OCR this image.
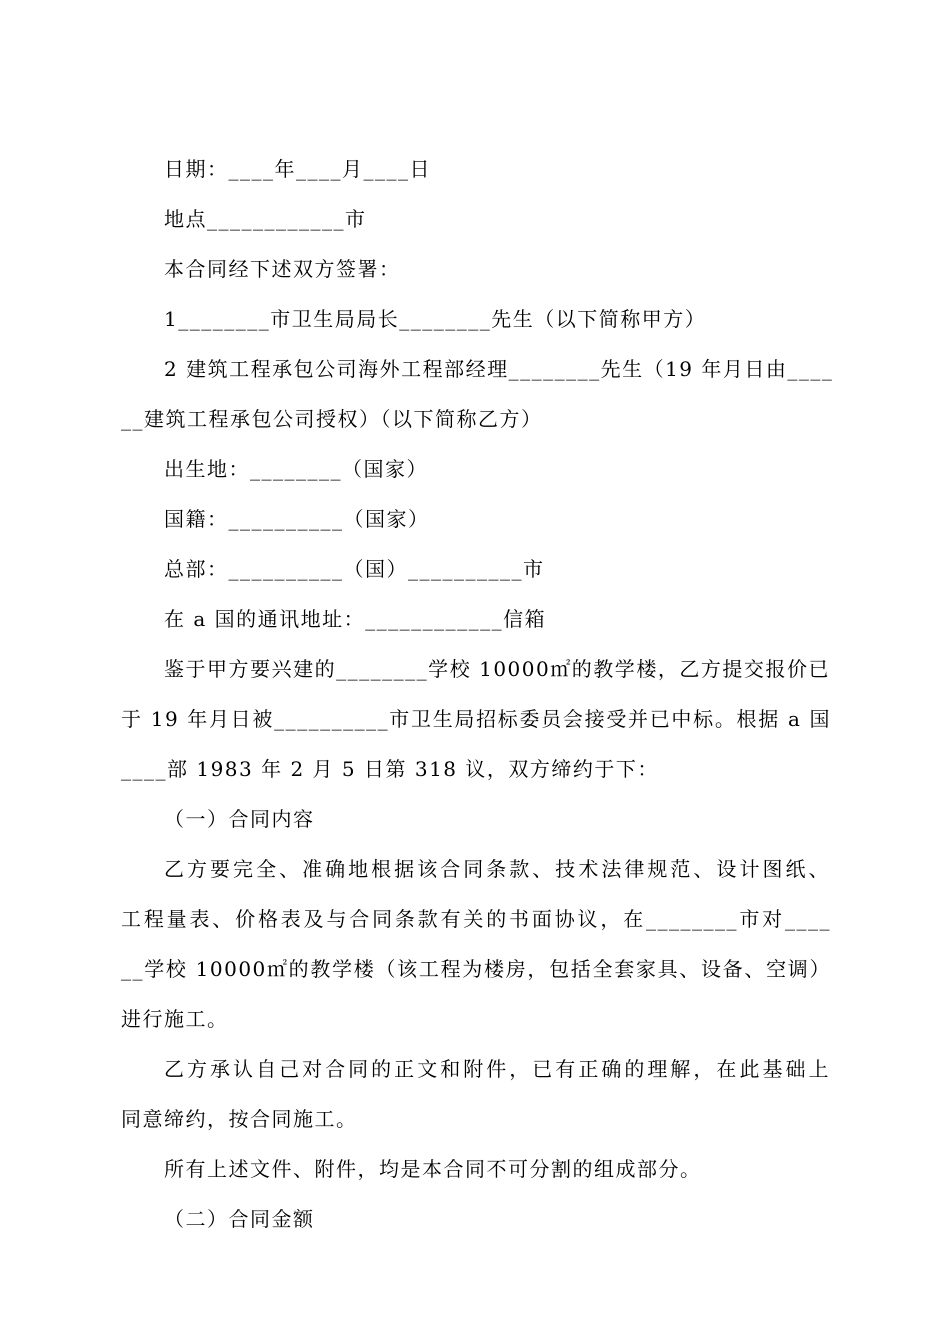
日期：____年____月____日
地点____________市
本合同经下述双方签署：
1________市卫生局局长________先生（以下简称甲方）
2 建筑工程承包公司海外工程部经理________先生（19 年月日由____
__建筑工程承包公司授权）（以下简称乙方）
出生地：________（国家）
国籍：__________（国家）
总部：__________（国）__________市
在 a 国的通讯地址：____________信箱
鉴于甲方要兴建的________学校 10000㎡的教学楼，乙方提交报价已
于 19 年月日被__________市卫生局招标委员会接受并已中标。根据 a 国
____部 1983 年 2 月 5 日第 318 议，双方缔约于下：
（一）合同内容
乙方要完全、准确地根据该合同条款、技术法律规范、设计图纸、
工程量表、价格表及与合同条款有关的书面协议，在________市对____
__学校 10000㎡的教学楼（该工程为楼房，包括全套家具、设备、空调）
进行施工。
乙方承认自己对合同的正文和附件，已有正确的理解，在此基础上
同意缔约，按合同施工。
所有上述文件、附件，均是本合同不可分割的组成部分。
（二）合同金额
